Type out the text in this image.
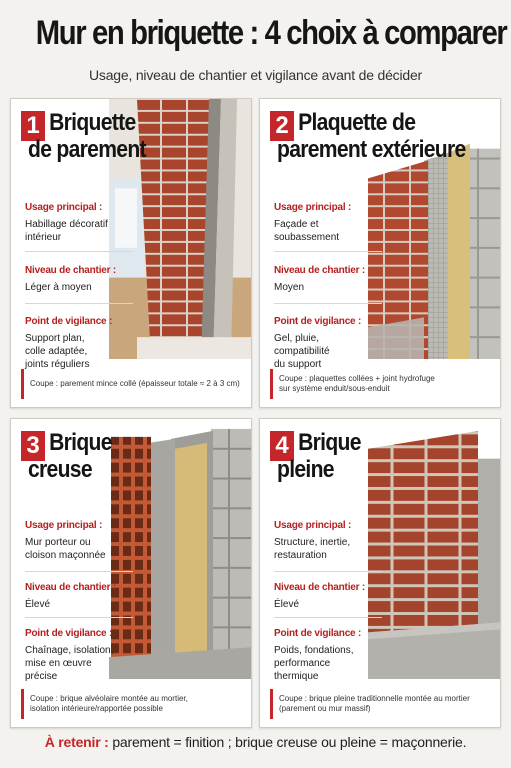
Mur en briquette : 4 choix à comparer
Usage, niveau de chantier et vigilance avant de décider
1 Briquette
de parement
Usage principal :
Habillage décoratif
intérieur
Niveau de chantier :
Léger à moyen
Point de vigilance :
Support plan,
colle adaptée,
joints réguliers
Coupe : parement mince collé (épaisseur totale ≈ 2 à 3 cm)
2 Plaquette de
parement extérieure
Usage principal :
Façade et
soubassement
Niveau de chantier :
Moyen
Point de vigilance :
Gel, pluie,
compatibilité
du support
Coupe : plaquettes collées + joint hydrofuge
sur système enduit/sous-enduit
3 Brique
creuse
Usage principal :
Mur porteur ou
cloison maçonnée
Niveau de chantier :
Élevé
Point de vigilance :
Chaînage, isolation,
mise en œuvre
précise
Coupe : brique alvéolaire montée au mortier,
isolation intérieure/rapportée possible
4 Brique
pleine
Usage principal :
Structure, inertie,
restauration
Niveau de chantier :
Élevé
Point de vigilance :
Poids, fondations,
performance
thermique
Coupe : brique pleine traditionnelle montée au mortier
(parement ou mur massif)
À retenir : parement = finition ; brique creuse ou pleine = maçonnerie.
